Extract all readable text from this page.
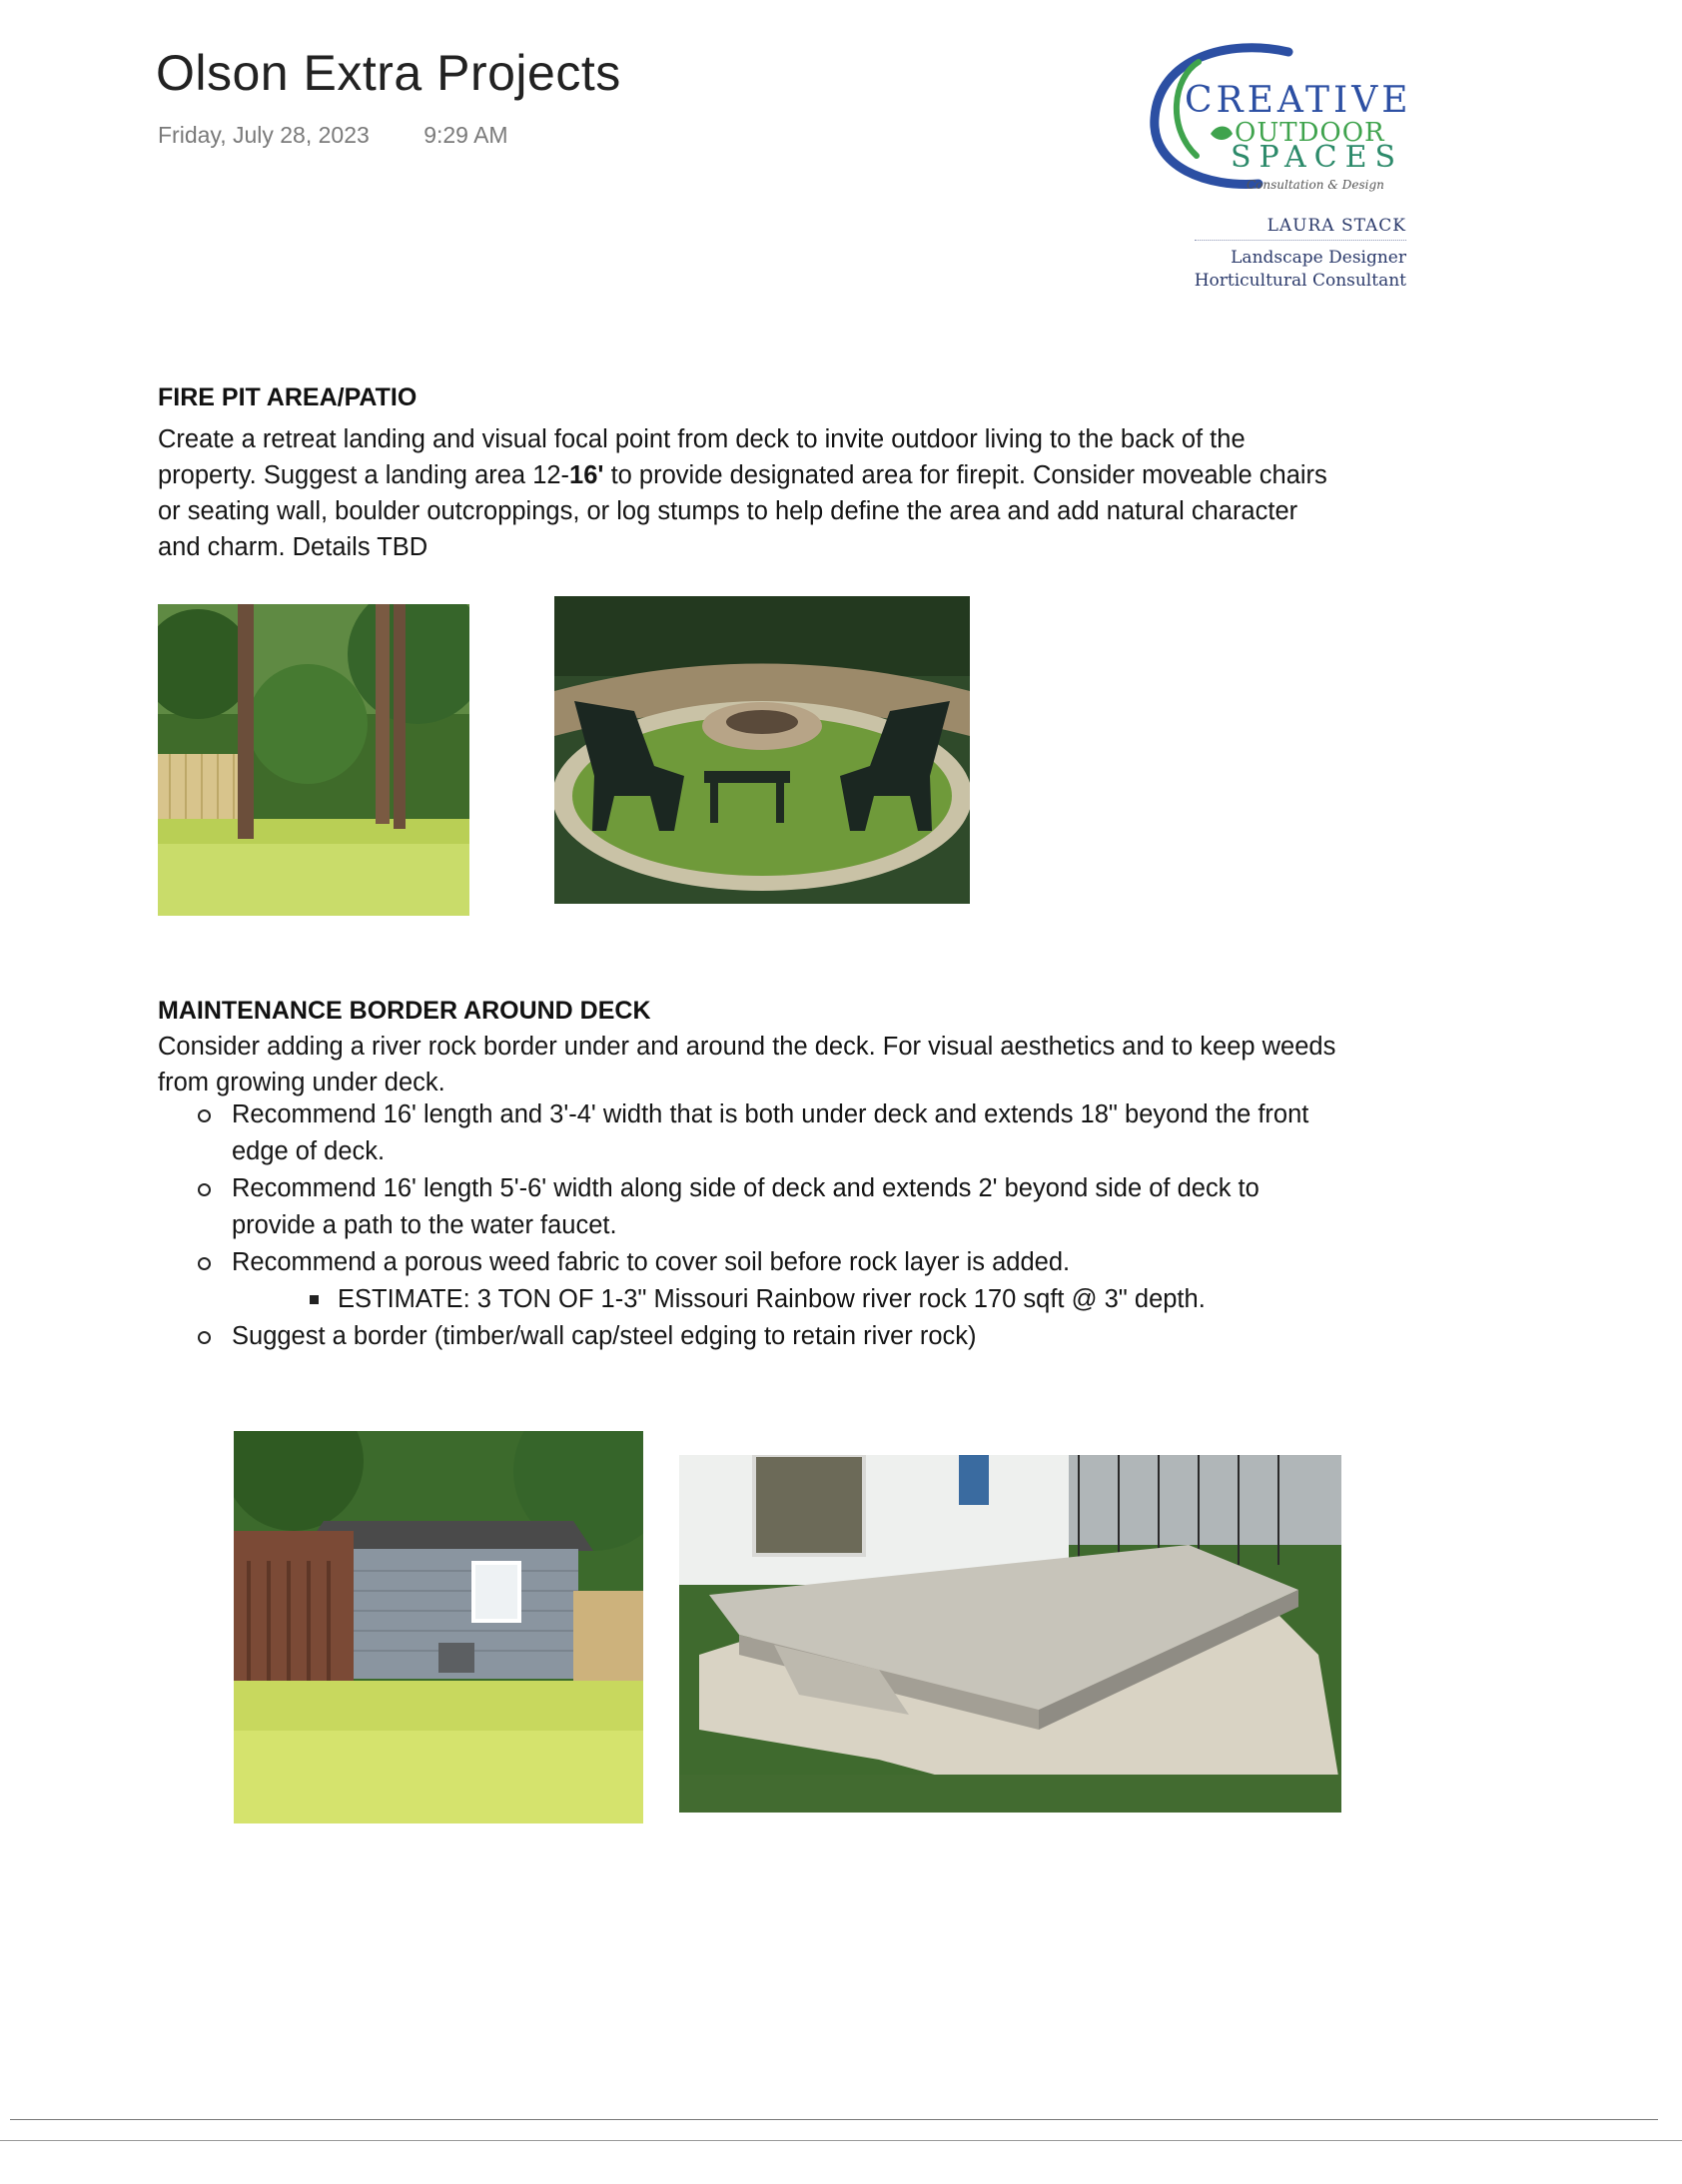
Olson Extra Projects
Friday, July 28, 2023 9:29 AM
CREATIVE
OUTDOOR
SPACES
Consultation & Design
LAURA STACK
Landscape Designer
Horticultural Consultant
FIRE PIT AREA/PATIO

Create a retreat landing and visual focal point from deck to invite outdoor living to the back of the property. Suggest a landing area 12-16' to provide designated area for firepit. Consider moveable chairs or seating wall, boulder outcroppings, or log stumps to help define the area and add natural character and charm. Details TBD

MAINTENANCE BORDER AROUND DECK

Consider adding a river rock border under and around the deck. For visual aesthetics and to keep weeds from growing under deck.

Recommend 16' length and 3'-4' width that is both under deck and extends 18" beyond the front edge of deck.
Recommend 16' length 5'-6' width along side of deck and extends 2' beyond side of deck to provide a path to the water faucet.
Recommend a porous weed fabric to cover soil before rock layer is added.
ESTIMATE: 3 TON OF 1-3" Missouri Rainbow river rock 170 sqft @ 3" depth.
Suggest a border (timber/wall cap/steel edging to retain river rock)
